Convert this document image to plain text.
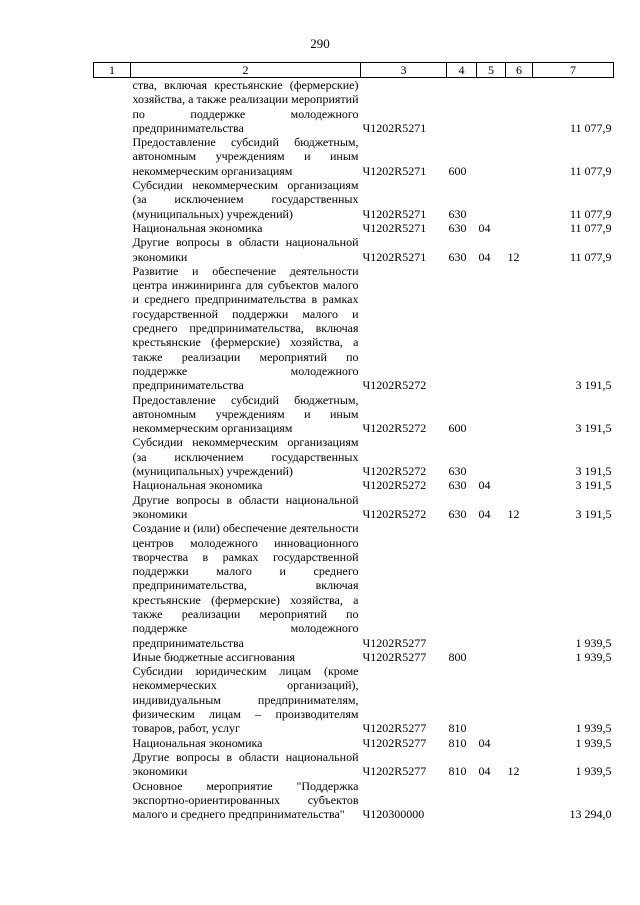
290
1	2	3	4	5	6	7
	ства, включая крестьянские (фермерские) хозяйства, а также реализации мероприятий по поддержке молодежного предпринимательства	Ч1202R5271				11 077,9
	Предоставление субсидий бюджетным, автономным учреждениям и иным некоммерческим организациям	Ч1202R5271	600			11 077,9
	Субсидии некоммерческим организациям (за исключением государственных (муниципальных) учреждений)	Ч1202R5271	630			11 077,9
	Национальная экономика	Ч1202R5271	630	04		11 077,9
	Другие вопросы в области национальной экономики	Ч1202R5271	630	04	12	11 077,9
	Развитие и обеспечение деятельности центра инжиниринга для субъектов малого и среднего предпринимательства в рамках государственной поддержки малого и среднего предпринимательства, включая крестьянские (фермерские) хозяйства, а также реализации мероприятий по поддержке молодежного предпринимательства	Ч1202R5272				3 191,5
	Предоставление субсидий бюджетным, автономным учреждениям и иным некоммерческим организациям	Ч1202R5272	600			3 191,5
	Субсидии некоммерческим организациям (за исключением государственных (муниципальных) учреждений)	Ч1202R5272	630			3 191,5
	Национальная экономика	Ч1202R5272	630	04		3 191,5
	Другие вопросы в области национальной экономики	Ч1202R5272	630	04	12	3 191,5
	Создание и (или) обеспечение деятельности центров молодежного инновационного творчества в рамках государственной поддержки малого и среднего предпринимательства, включая крестьянские (фермерские) хозяйства, а также реализации мероприятий по поддержке молодежного предпринимательства	Ч1202R5277				1 939,5
	Иные бюджетные ассигнования	Ч1202R5277	800			1 939,5
	Субсидии юридическим лицам (кроме некоммерческих организаций), индивидуальным предпринимателям, физическим лицам – производителям товаров, работ, услуг	Ч1202R5277	810			1 939,5
	Национальная экономика	Ч1202R5277	810	04		1 939,5
	Другие вопросы в области национальной экономики	Ч1202R5277	810	04	12	1 939,5
	Основное мероприятие "Поддержка экспортно-ориентированных субъектов малого и среднего предпринимательства"	Ч120300000				13 294,0
